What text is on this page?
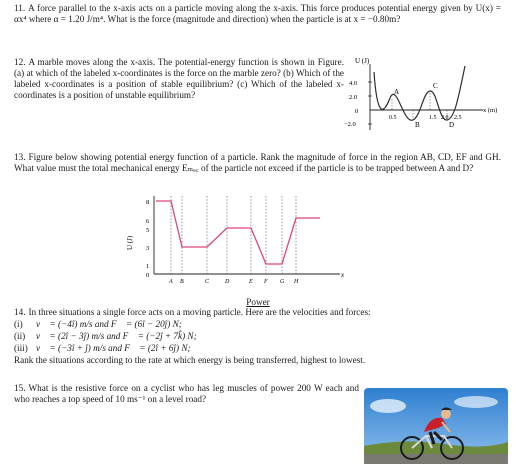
11. A force parallel to the x-axis acts on a particle moving along the x-axis. This force produces potential energy given by U(x) = αx⁴ where α = 1.20 J/m⁴. What is the force (magnitude and direction) when the particle is at x = −0.80m?
12. A marble moves along the x-axis. The potential-energy function is shown in Figure. (a) at which of the labeled x-coordinates is the force on the marble zero? (b) Which of the labeled x-coordinates is a position of stable equilibrium? (c) Which of the labeled x-coordinates is a position of unstable equilibrium?
U (J)
x (m)
4.0
2.0
0
−2.0
0.5	1.5 2.0 2.5
A
B
C
D
13. Figure below showing potential energy function of a particle. Rank the magnitude of force in the region AB, CD, EF and GH. What value must the total mechanical energy Eₘₑ꜀ of the particle not exceed if the particle is to be trapped between A and D?
U (J)
x
8
6
5
3
1
0
A B	C	D	E F G H
Power
14. In three situations a single force acts on a moving particle. Here are the velocities and forces:
(i) v⃗ = (−4î) m/s and F⃗ = (6î − 20ĵ) N;
(ii) v⃗ = (2î − 3ĵ) m/s and F⃗ = (−2ĵ + 7k̂) N;
(iii) v⃗ = (−3î + ĵ) m/s and F⃗ = (2î + 6ĵ) N;
Rank the situations according to the rate at which energy is being transferred, highest to lowest.
15. What is the resistive force on a cyclist who has leg muscles of power 200 W each and who reaches a top speed of 10 ms⁻¹ on a level road?
